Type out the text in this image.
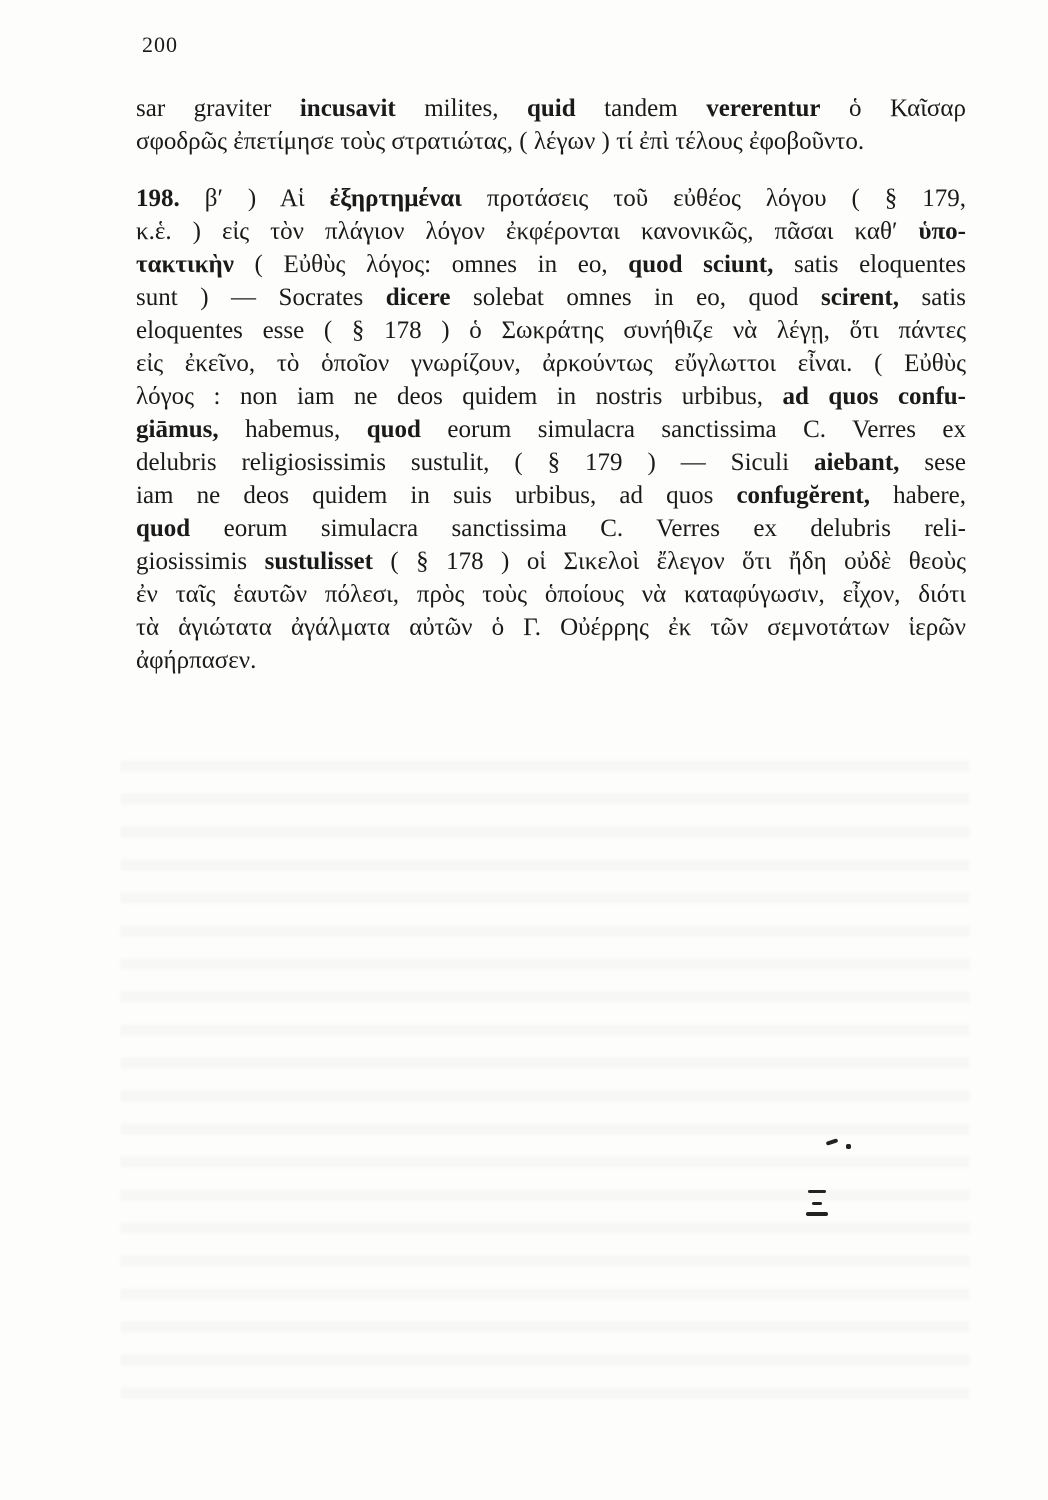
200
sar graviter incusavit milites, quid tandem vererentur ὁ Καῖσαρ
σφοδρῶς ἐπετίμησε τοὺς στρατιώτας, ( λέγων ) τί ἐπὶ τέλους ἐφοβοῦντο.
198. β′ ) Αἱ ἐξηρτημέναι προτάσεις τοῦ εὐθέος λόγου ( § 179,
κ.ἑ. ) εἰς τὸν πλάγιον λόγον ἐκφέρονται κανονικῶς, πᾶσαι καθ′ ὑπο-
τακτικὴν ( Εὐθὺς λόγος: omnes in eo, quod sciunt, satis eloquentes
sunt ) — Socrates dicere solebat omnes in eo, quod scirent, satis
eloquentes esse ( § 178 ) ὁ Σωκράτης συνήθιζε νὰ λέγῃ, ὅτι πάντες
εἰς ἐκεῖνο, τὸ ὁποῖον γνωρίζουν, ἀρκούντως εὔγλωττοι εἶναι. ( Εὐθὺς
λόγος : non iam ne deos quidem in nostris urbibus, ad quos confu-
giāmus, habemus, quod eorum simulacra sanctissima C. Verres ex
delubris religiosissimis sustulit, ( § 179 ) — Siculi aiebant, sese
iam ne deos quidem in suis urbibus, ad quos confugĕrent, habere,
quod eorum simulacra sanctissima C. Verres ex delubris reli-
giosissimis sustulisset ( § 178 ) οἱ Σικελοὶ ἔλεγον ὅτι ἤδη οὐδὲ θεοὺς
ἐν ταῖς ἑαυτῶν πόλεσι, πρὸς τοὺς ὁποίους νὰ καταφύγωσιν, εἶχον, διότι
τὰ ἁγιώτατα ἀγάλματα αὐτῶν ὁ Γ. Οὐέρρης ἐκ τῶν σεμνοτάτων ἱερῶν
ἀφήρπασεν.
